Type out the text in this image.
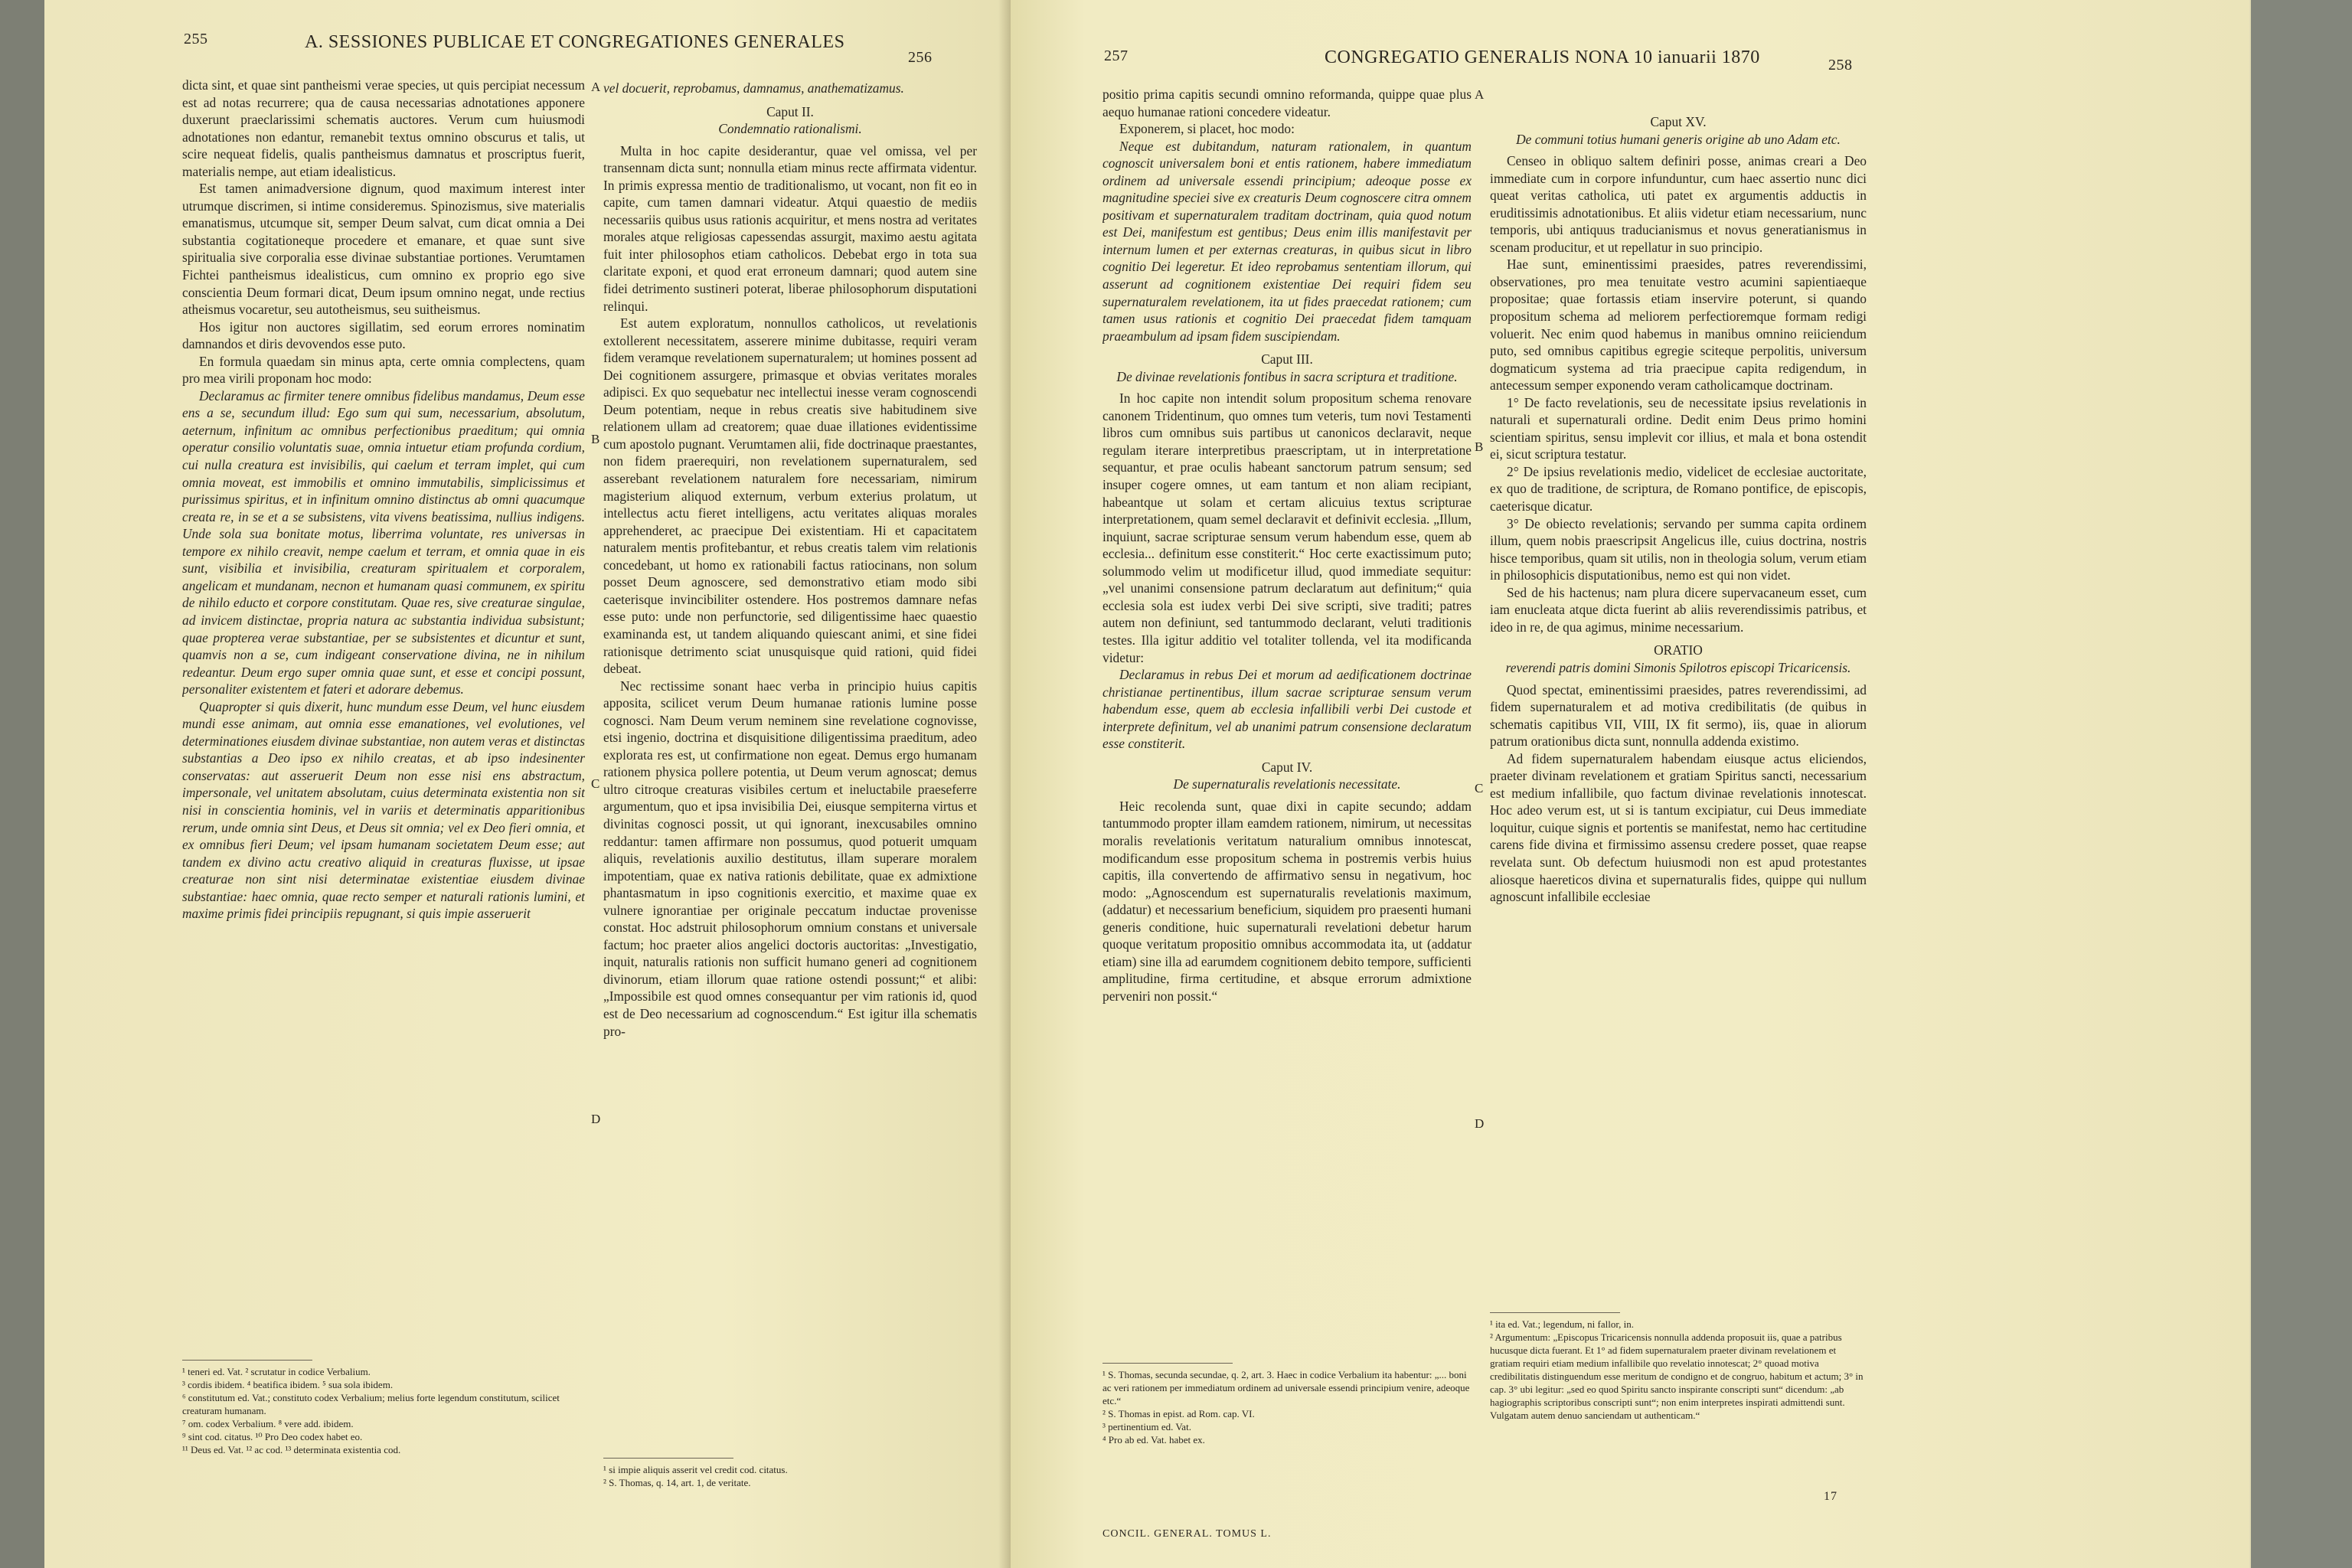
255	A. SESSIONES PUBLICAE ET CONGREGATIONES GENERALES
256

dicta sint, et quae sint pantheismi verae species, ut quis percipiat necessum est ad notas recurrere; qua de causa necessarias adnotationes apponere duxerunt praeclarissimi schematis auctores. Verum cum huiusmodi adnotationes non edantur, remanebit textus omnino obscurus et talis, ut scire nequeat fidelis, qualis pantheismus damnatus et proscriptus fuerit, materialis nempe, aut etiam idealisticus.

Est tamen animadversione dignum, quod maximum interest inter utrumque discrimen, si intime consideremus. Spinozismus, sive materialis emanatismus, utcumque sit, semper Deum salvat, cum dicat omnia a Dei substantia cogitationeque procedere et emanare, et quae sunt sive spiritualia sive corporalia esse divinae substantiae portiones. Verumtamen Fichtei pantheismus idealisticus, cum omnino ex proprio ego sive conscientia Deum formari dicat, Deum ipsum omnino negat, unde rectius atheismus vocaretur, seu autotheismus, seu suitheismus.

Hos igitur non auctores sigillatim, sed eorum errores nominatim damnandos et diris devovendos esse puto.

En formula quaedam sin minus apta, certe omnia complectens, quam pro mea virili proponam hoc modo:

Declaramus ac firmiter tenere omnibus fidelibus mandamus, Deum esse ens a se, secundum illud: Ego sum qui sum, necessarium, absolutum, aeternum, infinitum ac omnibus perfectionibus praeditum; qui omnia operatur consilio voluntatis suae, omnia intuetur etiam profunda cordium, cui nulla creatura est invisibilis, qui caelum et terram implet, qui cum omnia moveat, est immobilis et omnino immutabilis, simplicissimus et purissimus spiritus, et in infinitum omnino distinctus ab omni quacumque creata re, in se et a se subsistens, vita vivens beatissima, nullius indigens. Unde sola sua bonitate motus, liberrima voluntate, res universas in tempore ex nihilo creavit, nempe caelum et terram, et omnia quae in eis sunt, visibilia et invisibilia, creaturam spiritualem et corporalem, angelicam et mundanam, necnon et humanam quasi communem, ex spiritu de nihilo educto et corpore constitutam. Quae res, sive creaturae singulae, ad invicem distinctae, propria natura ac substantia individua subsistunt; quae propterea verae substantiae, per se subsistentes et dicuntur et sunt, quamvis non a se, cum indigeant conservatione divina, ne in nihilum redeantur. Deum ergo super omnia quae sunt, et esse et concipi possunt, personaliter existentem et fateri et adorare debemus.

Quapropter si quis dixerit, hunc mundum esse Deum, vel hunc eiusdem mundi esse animam, aut omnia esse emanationes, vel evolutiones, vel determinationes eiusdem divinae substantiae, non autem veras et distinctas substantias a Deo ipso ex nihilo creatas, et ab ipso indesinenter conservatas: aut asseruerit Deum non esse nisi ens abstractum, impersonale, vel unitatem absolutam, cuius determinata existentia non sit nisi in conscientia hominis, vel in variis et determinatis apparitionibus rerum, unde omnia sint Deus, et Deus sit omnia; vel ex Deo fieri omnia, et ex omnibus fieri Deum; vel ipsam humanam societatem Deum esse; aut tandem ex divino actu creativo aliquid in creaturas fluxisse, ut ipsae creaturae non sint nisi determinatae existentiae eiusdem divinae substantiae: haec omnia, quae recto semper et naturali rationis lumini, et maxime primis fidei principiis repugnant, si quis impie asseruerit

¹ teneri ed. Vat. ² scrutatur in codice Verbalium.
³ cordis ibidem. ⁴ beatifica ibidem. ⁵ sua sola ibidem.
⁶ constitutum ed. Vat.; constituto codex Verbalium; melius forte legendum constitutum, scilicet creaturam humanam.
⁷ om. codex Verbalium. ⁸ vere add. ibidem.
⁹ sint cod. citatus. ¹⁰ Pro Deo codex habet eo.
¹¹ Deus ed. Vat. ¹² ac cod. ¹³ determinata existentia cod.
A
B
C
D

vel docuerit, reprobamus, damnamus, anathematizamus.

Caput II.

Condemnatio rationalismi.

Multa in hoc capite desiderantur, quae vel omissa, vel per transennam dicta sunt; nonnulla etiam minus recte affirmata videntur. In primis expressa mentio de traditionalismo, ut vocant, non fit eo in capite, cum tamen damnari videatur. Atqui quaestio de mediis necessariis quibus usus rationis acquiritur, et mens nostra ad veritates morales atque religiosas capessendas assurgit, maximo aestu agitata fuit inter philosophos etiam catholicos. Debebat ergo in tota sua claritate exponi, et quod erat erroneum damnari; quod autem sine fidei detrimento sustineri poterat, liberae philosophorum disputationi relinqui.

Est autem exploratum, nonnullos catholicos, ut revelationis extollerent necessitatem, asserere minime dubitasse, requiri veram fidem veramque revelationem supernaturalem; ut homines possent ad Dei cognitionem assurgere, primasque et obvias veritates morales adipisci. Ex quo sequebatur nec intellectui inesse veram cognoscendi Deum potentiam, neque in rebus creatis sive habitudinem sive relationem ullam ad creatorem; quae duae illationes evidentissime cum apostolo pugnant. Verumtamen alii, fide doctrinaque praestantes, non fidem praerequiri, non revelationem supernaturalem, sed asserebant revelationem naturalem fore necessariam, nimirum magisterium aliquod externum, verbum exterius prolatum, ut intellectus actu fieret intelligens, actu veritates aliquas morales apprehenderet, ac praecipue Dei existentiam. Hi et capacitatem naturalem mentis profitebantur, et rebus creatis talem vim relationis concedebant, ut homo ex rationabili factus ratiocinans, non solum posset Deum agnoscere, sed demonstrativo etiam modo sibi caeterisque invincibiliter ostendere. Hos postremos damnare nefas esse puto: unde non perfunctorie, sed diligentissime haec quaestio examinanda est, ut tandem aliquando quiescant animi, et sine fidei rationisque detrimento sciat unusquisque quid rationi, quid fidei debeat.

Nec rectissime sonant haec verba in principio huius capitis apposita, scilicet verum Deum humanae rationis lumine posse cognosci. Nam Deum verum neminem sine revelatione cognovisse, etsi ingenio, doctrina et disquisitione diligentissima praeditum, adeo explorata res est, ut confirmatione non egeat. Demus ergo humanam rationem physica pollere potentia, ut Deum verum agnoscat; demus ultro citroque creaturas visibiles certum et ineluctabile praeseferre argumentum, quo et ipsa invisibilia Dei, eiusque sempiterna virtus et divinitas cognosci possit, ut qui ignorant, inexcusabiles omnino reddantur: tamen affirmare non possumus, quod potuerit umquam aliquis, revelationis auxilio destitutus, illam superare moralem impotentiam, quae ex nativa rationis debilitate, quae ex admixtione phantasmatum in ipso cognitionis exercitio, et maxime quae ex vulnere ignorantiae per originale peccatum inductae provenisse constat. Hoc adstruit philosophorum omnium constans et universale factum; hoc praeter alios angelici doctoris auctoritas: „Investigatio, inquit, naturalis rationis non sufficit humano generi ad cognitionem divinorum, etiam illorum quae ratione ostendi possunt;“ et alibi: „Impossibile est quod omnes consequantur per vim rationis id, quod est de Deo necessarium ad cognoscendum.“ Est igitur illa schematis pro-

¹ si impie aliquis asserit vel credit cod. citatus.
² S. Thomas, q. 14, art. 1, de veritate.
257	CONGREGATIO GENERALIS NONA 10 ianuarii 1870	258

positio prima capitis secundi omnino reformanda, quippe quae plus aequo humanae rationi concedere videatur.

Exponerem, si placet, hoc modo:

Neque est dubitandum, naturam rationalem, in quantum cognoscit universalem boni et entis rationem, habere immediatum ordinem ad universale essendi principium; adeoque posse ex magnitudine speciei sive ex creaturis Deum cognoscere citra omnem positivam et supernaturalem traditam doctrinam, quia quod notum est Dei, manifestum est gentibus; Deus enim illis manifestavit per internum lumen et per externas creaturas, in quibus sicut in libro cognitio Dei legeretur. Et ideo reprobamus sententiam illorum, qui asserunt ad cognitionem existentiae Dei requiri fidem seu supernaturalem revelationem, ita ut fides praecedat rationem; cum tamen usus rationis et cognitio Dei praecedat fidem tamquam praeambulum ad ipsam fidem suscipiendam.

Caput III.

De divinae revelationis fontibus in sacra scriptura et traditione.

In hoc capite non intendit solum propositum schema renovare canonem Tridentinum, quo omnes tum veteris, tum novi Testamenti libros cum omnibus suis partibus ut canonicos declaravit, neque regulam iterare interpretibus praescriptam, ut in interpretatione sequantur, et prae oculis habeant sanctorum patrum sensum; sed insuper cogere omnes, ut eam tantum et non aliam recipiant, habeantque ut solam et certam alicuius textus scripturae interpretationem, quam semel declaravit et definivit ecclesia. „Illum, inquiunt, sacrae scripturae sensum verum habendum esse, quem ab ecclesia... definitum esse constiterit.“ Hoc certe exactissimum puto; solummodo velim ut modificetur illud, quod immediate sequitur: „vel unanimi consensione patrum declaratum aut definitum;“ quia ecclesia sola est iudex verbi Dei sive scripti, sive traditi; patres autem non definiunt, sed tantummodo declarant, veluti traditionis testes. Illa igitur additio vel totaliter tollenda, vel ita modificanda videtur:

Declaramus in rebus Dei et morum ad aedificationem doctrinae christianae pertinentibus, illum sacrae scripturae sensum verum habendum esse, quem ab ecclesia infallibili verbi Dei custode et interprete definitum, vel ab unanimi patrum consensione declaratum esse constiterit.

Caput IV.

De supernaturalis revelationis necessitate.

Heic recolenda sunt, quae dixi in capite secundo; addam tantummodo propter illam eamdem rationem, nimirum, ut necessitas moralis revelationis veritatum naturalium omnibus innotescat, modificandum esse propositum schema in postremis verbis huius capitis, illa convertendo de affirmativo sensu in negativum, hoc modo: „Agnoscendum est supernaturalis revelationis maximum, (addatur) et necessarium beneficium, siquidem pro praesenti humani generis conditione, huic supernaturali revelationi debetur harum quoque veritatum propositio omnibus accommodata ita, ut (addatur etiam) sine illa ad earumdem cognitionem debito tempore, sufficienti amplitudine, firma certitudine, et absque errorum admixtione perveniri non possit.“

¹ S. Thomas, secunda secundae, q. 2, art. 3. Haec in codice Verbalium ita habentur: „... boni ac veri rationem per immediatum ordinem ad universale essendi principium venire, adeoque etc.“
² S. Thomas in epist. ad Rom. cap. VI.
³ pertinentium ed. Vat.
⁴ Pro ab ed. Vat. habet ex.
CONCIL. GENERAL. TOMUS L.
A
B
C
D

Caput XV.

De communi totius humani generis origine ab uno Adam etc.

Censeo in obliquo saltem definiri posse, animas creari a Deo immediate cum in corpore infunduntur, cum haec assertio nunc dici queat veritas catholica, uti patet ex argumentis adductis in eruditissimis adnotationibus. Et aliis videtur etiam necessarium, nunc temporis, ubi antiquus traducianismus et novus generatianismus in scenam producitur, et ut repellatur in suo principio.

Hae sunt, eminentissimi praesides, patres reverendissimi, observationes, pro mea tenuitate vestro acumini sapientiaeque propositae; quae fortassis etiam inservire poterunt, si quando propositum schema ad meliorem perfectioremque formam redigi voluerit. Nec enim quod habemus in manibus omnino reiiciendum puto, sed omnibus capitibus egregie sciteque perpolitis, universum dogmaticum systema ad tria praecipue capita redigendum, in antecessum semper exponendo veram catholicamque doctrinam.

1° De facto revelationis, seu de necessitate ipsius revelationis in naturali et supernaturali ordine. Dedit enim Deus primo homini scientiam spiritus, sensu implevit cor illius, et mala et bona ostendit ei, sicut scriptura testatur.

2° De ipsius revelationis medio, videlicet de ecclesiae auctoritate, ex quo de traditione, de scriptura, de Romano pontifice, de episcopis, caeterisque dicatur.

3° De obiecto revelationis; servando per summa capita ordinem illum, quem nobis praescripsit Angelicus ille, cuius doctrina, nostris hisce temporibus, quam sit utilis, non in theologia solum, verum etiam in philosophicis disputationibus, nemo est qui non videt.

Sed de his hactenus; nam plura dicere supervacaneum esset, cum iam enucleata atque dicta fuerint ab aliis reverendissimis patribus, et ideo in re, de qua agimus, minime necessarium.

ORATIO

reverendi patris domini Simonis Spilotros episcopi Tricaricensis.

Quod spectat, eminentissimi praesides, patres reverendissimi, ad fidem supernaturalem et ad motiva credibilitatis (de quibus in schematis capitibus VII, VIII, IX fit sermo), iis, quae in aliorum patrum orationibus dicta sunt, nonnulla addenda existimo.

Ad fidem supernaturalem habendam eiusque actus eliciendos, praeter divinam revelationem et gratiam Spiritus sancti, necessarium est medium infallibile, quo factum divinae revelationis innotescat. Hoc adeo verum est, ut si is tantum excipiatur, cui Deus immediate loquitur, cuique signis et portentis se manifestat, nemo hac certitudine carens fide divina et firmissimo assensu credere posset, quae reapse revelata sunt. Ob defectum huiusmodi non est apud protestantes aliosque haereticos divina et supernaturalis fides, quippe qui nullum agnoscunt infallibile ecclesiae

¹ ita ed. Vat.; legendum, ni fallor, in.
² Argumentum: „Episcopus Tricaricensis nonnulla addenda proposuit iis, quae a patribus hucusque dicta fuerant. Et 1° ad fidem supernaturalem praeter divinam revelationem et gratiam requiri etiam medium infallibile quo revelatio innotescat; 2° quoad motiva credibilitatis distinguendum esse meritum de condigno et de congruo, habitum et actum; 3° in cap. 3° ubi legitur: „sed eo quod Spiritu sancto inspirante conscripti sunt“ dicendum: „ab hagiographis scriptoribus conscripti sunt“; non enim interpretes inspirati admittendi sunt. Vulgatam autem denuo sanciendam ut authenticam.“
17
